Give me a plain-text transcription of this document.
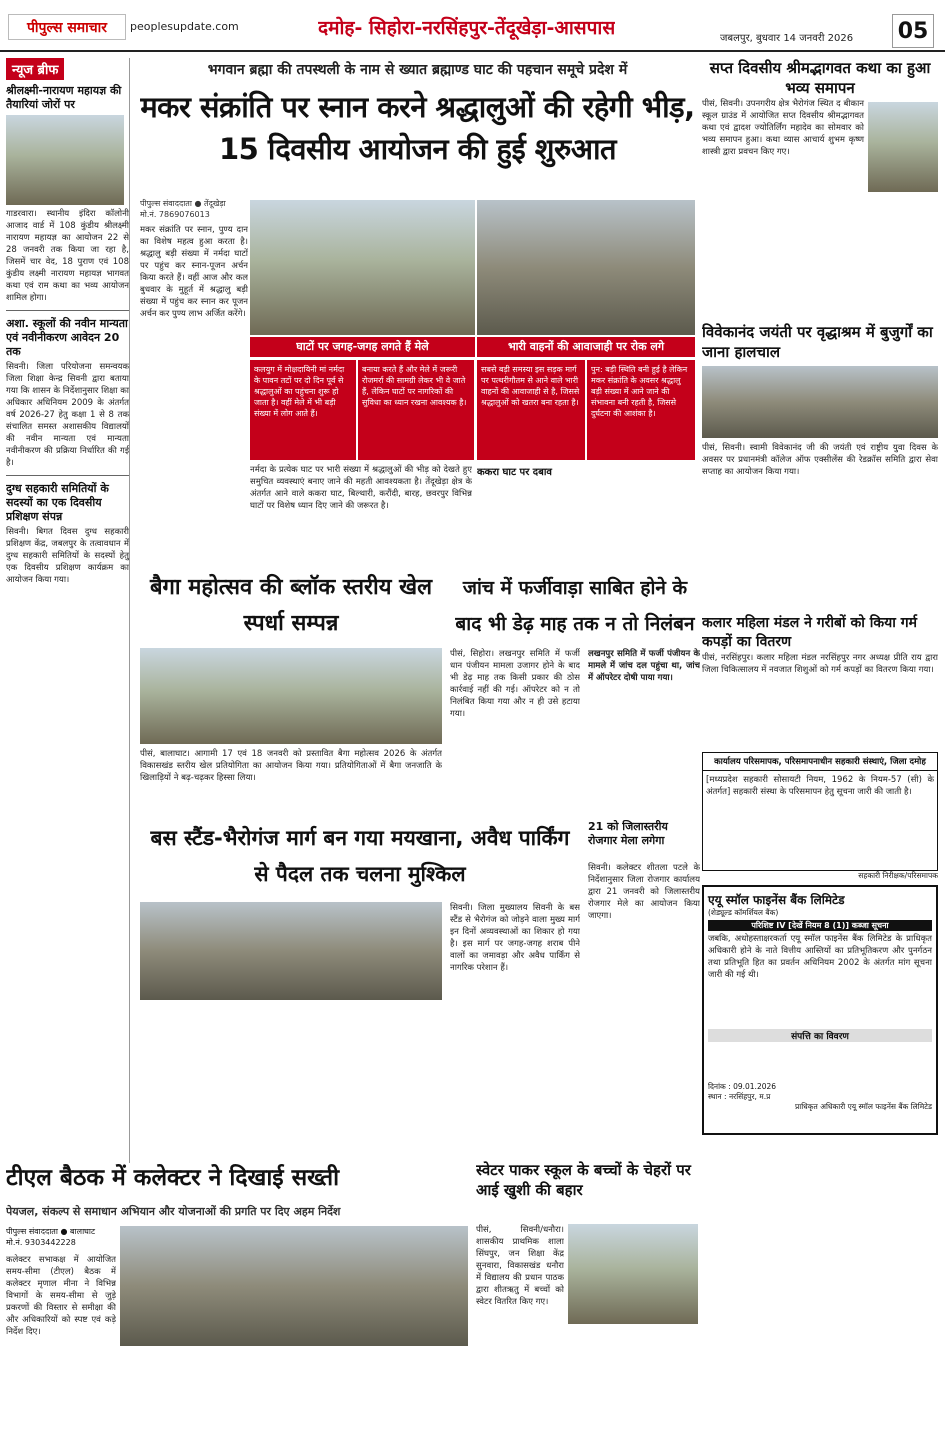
पीपुल्स समाचार	peoplesupdate.com	दमोह- सिहोरा-नरसिंहपुर-तेंदूखेड़ा-आसपास	जबलपुर, बुधवार 14 जनवरी 2026 05
न्यूज ब्रीफ
श्रीलक्ष्मी-नारायण महायज्ञ की तैयारियां जोरों पर
गाडरवारा। स्थानीय इंदिरा कॉलोनी आजाद वार्ड में 108 कुंडीय श्रीलक्ष्मी नारायण महायज्ञ का आयोजन 22 से 28 जनवरी तक किया जा रहा है, जिसमें चार वेद, 18 पुराण एवं 108 कुंडीय लक्ष्मी नारायण महायज्ञ भागवत कथा एवं राम कथा का भव्य आयोजन शामिल होगा।
अशा. स्कूलों की नवीन मान्यता एवं नवीनीकरण आवेदन 20 तक
सिवनी। जिला परियोजना समन्वयक जिला शिक्षा केन्द्र सिवनी द्वारा बताया गया कि शासन के निर्देशानुसार शिक्षा का अधिकार अधिनियम 2009 के अंतर्गत वर्ष 2026-27 हेतु कक्षा 1 से 8 तक संचालित समस्त अशासकीय विद्यालयों की नवीन मान्यता एवं मान्यता नवीनीकरण की प्रक्रिया निर्धारित की गई है।
दुग्ध सहकारी समितियों के सदस्यों का एक दिवसीय प्रशिक्षण संपन्न
सिवनी। बिगत दिवस दुग्ध सहकारी प्रशिक्षण केंद्र, जबलपुर के तत्वावधान में दुग्ध सहकारी समितियों के सदस्यों हेतु एक दिवसीय प्रशिक्षण कार्यक्रम का आयोजन किया गया।
भगवान ब्रह्मा की तपस्थली के नाम से ख्यात ब्रह्माण्ड घाट की पहचान समूचे प्रदेश में
मकर संक्रांति पर स्नान करने श्रद्धालुओं की रहेगी भीड़, 15 दिवसीय आयोजन की हुई शुरुआत
पीपुल्स संवाददाता ● तेंदूखेड़ा
मो.नं. 7869076013
मकर संक्रांति पर स्नान, पुण्य दान का विशेष महत्व हुआ करता है। श्रद्धालु बड़ी संख्या में नर्मदा घाटों पर पहुंच कर स्नान-पूजन अर्चन किया करते हैं। वहीं आज और कल बुधवार के मुहूर्त में श्रद्धालु बड़ी संख्या में पहुंच कर स्नान कर पूजन अर्चन कर पुण्य लाभ अर्जित करेंगे।
घाटों पर जगह-जगह लगते हैं मेले	भारी वाहनों की आवाजाही पर रोक लगे
कलयुग में मोक्षदायिनी मां नर्मदा के पावन तटों पर दो दिन पूर्व से श्रद्धालुओं का पहुंचना शुरू हो जाता है। वहीं मेले में भी बड़ी संख्या में लोग आते हैं।
बनाया करते हैं और मेले में जरूरी रोजमर्रा की सामग्री लेकर भी वे जाते हैं, लेकिन घाटों पर नागरिकों की सुविधा का ध्यान रखना आवश्यक है।
सबसे बड़ी समस्या इस सड़क मार्ग पर पत्थरीगौतम से आने वाले भारी वाहनों की आवाजाही से है, जिससे श्रद्धालुओं को खतरा बना रहता है।
पुन: बड़ी स्थिति बनी हुई है लेकिन मकर संक्रांति के अवसर श्रद्धालु बड़ी संख्या में आने जाने की संभावना बनी रहती है, जिससे दुर्घटना की आशंका है।
नर्मदा के प्रत्येक घाट पर भारी संख्या में श्रद्धालुओं की भीड़ को देखते हुए समुचित व्यवस्थाएं बनाए जाने की महती आवश्यकता है। तेंदूखेड़ा क्षेत्र के अंतर्गत आने वाले ककरा घाट, बिल्थारी, करौंदी, बारह, छवरपुर विभिन्न घाटों पर विशेष ध्यान दिए जाने की जरूरत है।
ककरा घाट पर दबाव
बैगा महोत्सव की ब्लॉक स्तरीय खेल स्पर्धा सम्पन्न
पीसं, बालाघाट। आगामी 17 एवं 18 जनवरी को प्रस्तावित बैगा महोत्सव 2026 के अंतर्गत विकासखंड स्तरीय खेल प्रतियोगिता का आयोजन किया गया। प्रतियोगिताओं में बैगा जनजाति के खिलाड़ियों ने बढ़-चढ़कर हिस्सा लिया।
जांच में फर्जीवाड़ा साबित होने के बाद भी डेढ़ माह तक न तो निलंबन
पीसं, सिहोरा। लखनपुर समिति में फर्जी धान पंजीयन मामला उजागर होने के बाद भी डेढ़ माह तक किसी प्रकार की ठोस कार्रवाई नहीं की गई। ऑपरेटर को न तो निलंबित किया गया और न ही उसे हटाया गया।
लखनपुर समिति में फर्जी पंजीयन के मामले में जांच दल पहुंचा था, जांच में ऑपरेटर दोषी पाया गया।
बस स्टैंड-भैरोगंज मार्ग बन गया मयखाना, अवैध पार्किंग से पैदल तक चलना मुश्किल
सिवनी। जिला मुख्यालय सिवनी के बस स्टैंड से भैरोगंज को जोड़ने वाला मुख्य मार्ग इन दिनों अव्यवस्थाओं का शिकार हो गया है। इस मार्ग पर जगह-जगह शराब पीने वालों का जमावड़ा और अवैध पार्किंग से नागरिक परेशान हैं।
21 को जिलास्तरीय रोजगार मेला लगेगा
सिवनी। कलेक्टर शीतला पटले के निर्देशानुसार जिला रोजगार कार्यालय द्वारा 21 जनवरी को जिलास्तरीय रोजगार मेले का आयोजन किया जाएगा।
टीएल बैठक में कलेक्टर ने दिखाई सख्ती
पेयजल, संकल्प से समाधान अभियान और योजनाओं की प्रगति पर दिए अहम निर्देश
पीपुल्स संवाददाता ● बालाघाट
मो.नं. 9303442228
कलेक्टर सभाकक्ष में आयोजित समय-सीमा (टीएल) बैठक में कलेक्टर मृणाल मीना ने विभिन्न विभागों के समय-सीमा से जुड़े प्रकरणों की विस्तार से समीक्षा की और अधिकारियों को स्पष्ट एवं कड़े निर्देश दिए।
स्वेटर पाकर स्कूल के बच्चों के चेहरों पर आई खुशी की बहार
पीसं, सिवनी/धनौरा। शासकीय प्राथमिक शाला सिंघपुर, जन शिक्षा केंद्र सुनवारा, विकासखंड धनौरा में विद्यालय की प्रधान पाठक द्वारा शीतऋतु में बच्चों को स्वेटर वितरित किए गए।
सप्त दिवसीय श्रीमद्भागवत कथा का हुआ भव्य समापन
पीसं, सिवनी। उपनगरीय क्षेत्र भैरोगंज स्थित द बीकान स्कूल ग्राउंड में आयोजित सप्त दिवसीय श्रीमद्भागवत कथा एवं द्वादश ज्योतिर्लिंग महादेव का सोमवार को भव्य समापन हुआ। कथा व्यास आचार्य शुभम कृष्ण शास्त्री द्वारा प्रवचन किए गए।
विवेकानंद जयंती पर वृद्धाश्रम में बुजुर्गों का जाना हालचाल
पीसं, सिवनी। स्वामी विवेकानंद जी की जयंती एवं राष्ट्रीय युवा दिवस के अवसर पर प्रधानमंत्री कॉलेज ऑफ एक्सीलेंस की रेडक्रॉस समिति द्वारा सेवा सप्ताह का आयोजन किया गया।
कलार महिला मंडल ने गरीबों को किया गर्म कपड़ों का वितरण
पीसं, नरसिंहपुर। कलार महिला मंडल नरसिंहपुर नगर अध्यक्ष प्रीति राय द्वारा जिला चिकित्सालय में नवजात शिशुओं को गर्म कपड़ों का वितरण किया गया।
कार्यालय परिसमापक, परिसमापनाधीन सहकारी संस्थाएं, जिला दमोह
[मध्यप्रदेश सहकारी सोसायटी नियम, 1962 के नियम-57 (सी) के अंतर्गत] सहकारी संस्था के परिसमापन हेतु सूचना जारी की जाती है।
सहकारी निरीक्षक/परिसमापक
एयू स्मॉल फाइनेंस बैंक लिमिटेड
(शेड्यूल्ड कॉमर्शियल बैंक)
परिशिष्ट IV [देखें नियम 8 (1)] कब्जा सूचना
जबकि, अधोहस्ताक्षरकर्ता एयू स्मॉल फाइनेंस बैंक लिमिटेड के प्राधिकृत अधिकारी होने के नाते वित्तीय आस्तियों का प्रतिभूतिकरण और पुनर्गठन तथा प्रतिभूति हित का प्रवर्तन अधिनियम 2002 के अंतर्गत मांग सूचना जारी की गई थी।
संपत्ति का विवरण
दिनांक : 09.01.2026
स्थान : नरसिंहपुर, म.प्र
प्राधिकृत अधिकारी एयू स्मॉल फाइनेंस बैंक लिमिटेड
